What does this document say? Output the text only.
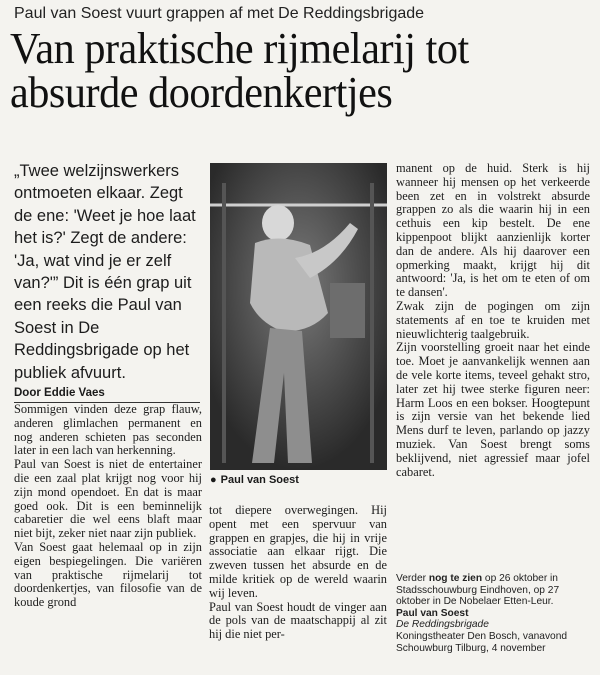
Paul van Soest vuurt grappen af met De Reddingsbrigade
Van praktische rijmelarij tot absurde doordenkertjes
„Twee welzijnswerkers ontmoeten elkaar. Zegt de ene: 'Weet je hoe laat het is?' Zegt de andere: 'Ja, wat vind je er zelf van?'” Dit is één grap uit een reeks die Paul van Soest in De Reddingsbrigade op het publiek afvuurt.
Door Eddie Vaes

Sommigen vinden deze grap flauw, anderen glimlachen permanent en nog anderen schieten pas seconden later in een lach van herkenning.

Paul van Soest is niet de entertainer die een zaal plat krijgt nog voor hij zijn mond opendoet. En dat is maar goed ook. Dit is een beminnelijk cabaretier die wel eens blaft maar niet bijt, zeker niet naar zijn publiek.

Van Soest gaat helemaal op in zijn eigen bespiegelingen. Die variëren van praktische rijmelarij tot doordenkertjes, van filosofie van de koude grond

● Paul van Soest

tot diepere overwegingen. Hij opent met een spervuur van grappen en grapjes, die hij in vrije associatie aan elkaar rijgt. Die zweven tussen het absurde en de milde kritiek op de wereld waarin wij leven.

Paul van Soest houdt de vinger aan de pols van de maatschappij al zit hij die niet per-

manent op de huid. Sterk is hij wanneer hij mensen op het verkeerde been zet en in volstrekt absurde grappen zo als die waarin hij in een cethuis een kip bestelt. De ene kippenpoot blijkt aanzienlijk korter dan de andere. Als hij daarover een opmerking maakt, krijgt hij dit antwoord: 'Ja, is het om te eten of om te dansen'.

Zwak zijn de pogingen om zijn statements af en toe te kruiden met nieuwlichterig taalgebruik.

Zijn voorstelling groeit naar het einde toe. Moet je aanvankelijk wennen aan de vele korte items, teveel gehakt stro, later zet hij twee sterke figuren neer: Harm Loos en een bokser. Hoogtepunt is zijn versie van het bekende lied Mens durf te leven, parlando op jazzy muziek. Van Soest brengt soms beklijvend, niet agressief maar jofel cabaret.

Verder nog te zien op 26 oktober in Stadsschouwburg Eindhoven, op 27 oktober in De Nobelaer Etten-Leur.
Paul van Soest
De Reddingsbrigade
Koningstheater Den Bosch, vanavond Schouwburg Tilburg, 4 november
